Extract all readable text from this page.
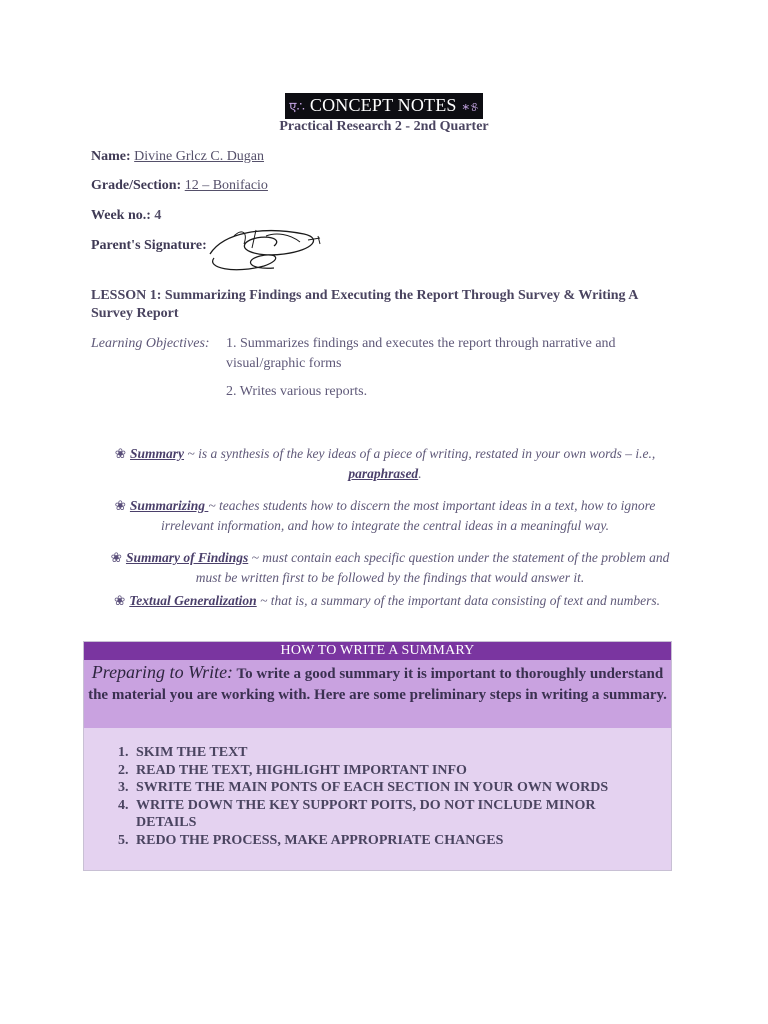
ए∴ CONCEPT NOTES ∗୫
Practical Research 2 - 2nd Quarter
Name: Divine Grlcz C. Dugan
Grade/Section: 12 – Bonifacio
Week no.: 4
Parent's Signature:
LESSON 1: Summarizing Findings and Executing the Report Through Survey & Writing A Survey Report
Learning Objectives: 1. Summarizes findings and executes the report through narrative and visual/graphic forms
2. Writes various reports.
❀ Summary ~ is a synthesis of the key ideas of a piece of writing, restated in your own words – i.e., paraphrased.
❀ Summarizing ~ teaches students how to discern the most important ideas in a text, how to ignore irrelevant information, and how to integrate the central ideas in a meaningful way.
❀ Summary of Findings ~ must contain each specific question under the statement of the problem and must be written first to be followed by the findings that would answer it.
❀ Textual Generalization ~ that is, a summary of the important data consisting of text and numbers.
HOW TO WRITE A SUMMARY
Preparing to Write: To write a good summary it is important to thoroughly understand the material you are working with. Here are some preliminary steps in writing a summary.
1. SKIM THE TEXT
2. READ THE TEXT, HIGHLIGHT IMPORTANT INFO
3. SWRITE THE MAIN PONTS OF EACH SECTION IN YOUR OWN WORDS
4. WRITE DOWN THE KEY SUPPORT POITS, DO NOT INCLUDE MINOR DETAILS
5. REDO THE PROCESS, MAKE APPROPRIATE CHANGES
